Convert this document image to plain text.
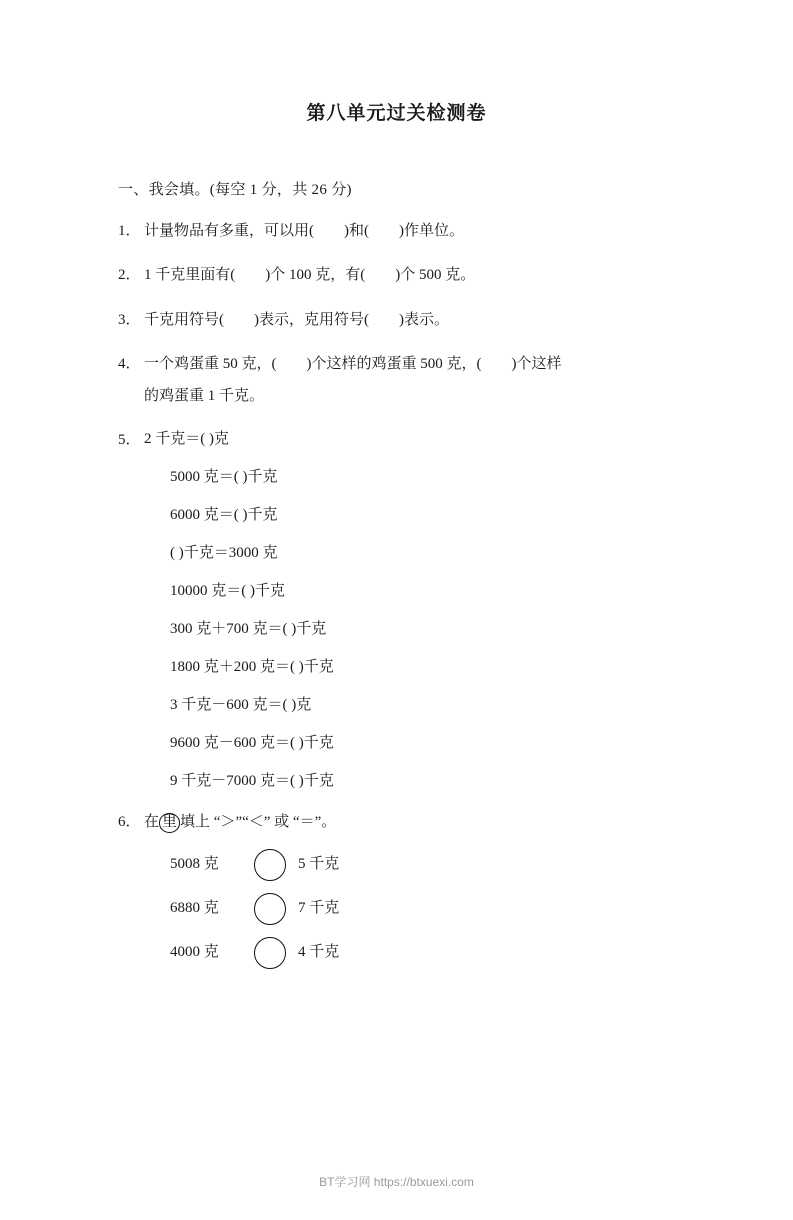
第八单元过关检测卷
一、我会填。(每空 1 分，共 26 分)
1． 计量物品有多重，可以用(        )和(        )作单位。
2． 1 千克里面有(        )个 100 克，有(        )个 500 克。
3． 千克用符号(        )表示，克用符号(        )表示。
4． 一个鸡蛋重 50 克，(        )个这样的鸡蛋重 500 克，(        )个这样
的鸡蛋重 1 千克。
5． 2 千克＝( )克
5000 克＝( )千克
6000 克＝( )千克
( )千克＝3000 克
10000 克＝( )千克
300 克＋700 克＝( )千克
1800 克＋200 克＝( )千克
3 千克－600 克＝( )克
9600 克－600 克＝( )千克
9 千克－7000 克＝( )千克
6． 在 里 填上 “＞”“＜” 或 “＝”。
5008 克	5 千克
6880 克	7 千克
4000 克	4 千克
BT学习网 https://btxuexi.com
